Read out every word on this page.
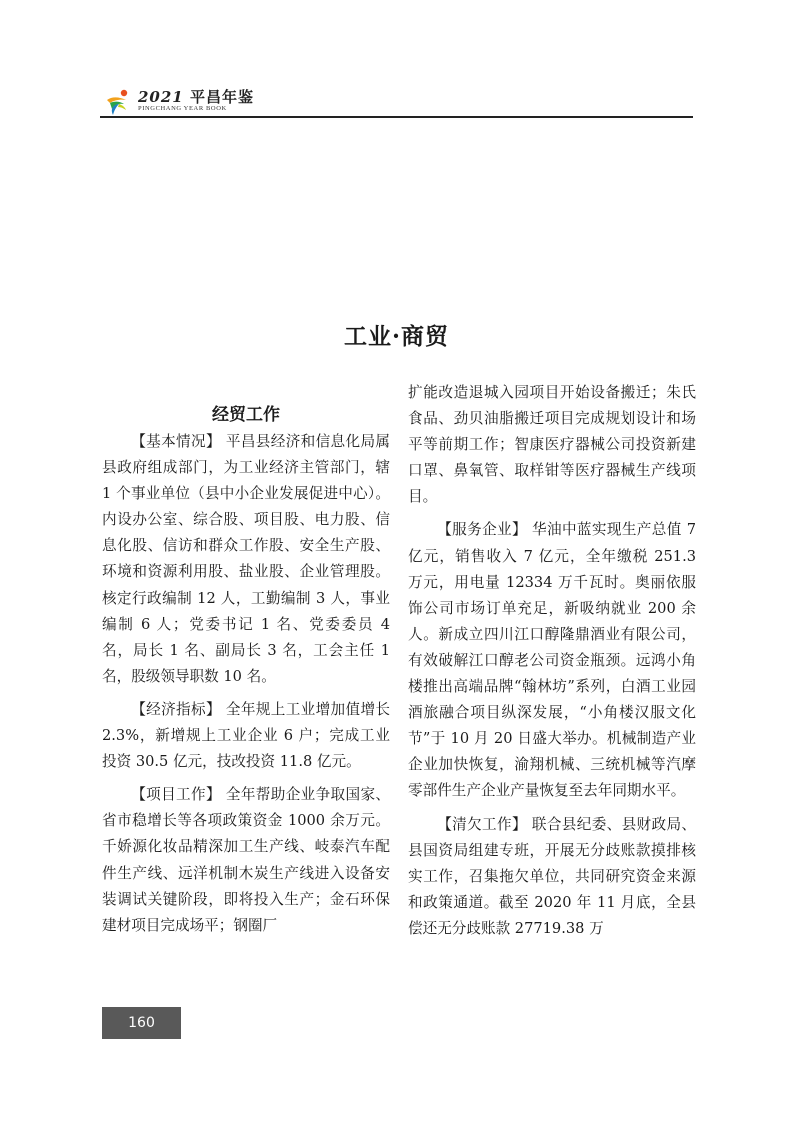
2021 平昌年鉴
PINGCHANG YEAR BOOK
工业·商贸
经贸工作

【基本情况】 平昌县经济和信息化局属县政府组成部门，为工业经济主管部门，辖 1 个事业单位（县中小企业发展促进中心）。内设办公室、综合股、项目股、电力股、信息化股、信访和群众工作股、安全生产股、环境和资源利用股、盐业股、企业管理股。核定行政编制 12 人，工勤编制 3 人，事业编制 6 人；党委书记 1 名、党委委员 4 名，局长 1 名、副局长 3 名，工会主任 1 名，股级领导职数 10 名。

【经济指标】 全年规上工业增加值增长 2.3%，新增规上工业企业 6 户；完成工业投资 30.5 亿元，技改投资 11.8 亿元。

【项目工作】 全年帮助企业争取国家、省市稳增长等各项政策资金 1000 余万元。千娇源化妆品精深加工生产线、岐泰汽车配件生产线、远洋机制木炭生产线进入设备安装调试关键阶段，即将投入生产；金石环保建材项目完成场平；钢圈厂

扩能改造退城入园项目开始设备搬迁；朱氏食品、劲贝油脂搬迁项目完成规划设计和场平等前期工作；智康医疗器械公司投资新建口罩、鼻氧管、取样钳等医疗器械生产线项目。

【服务企业】 华油中蓝实现生产总值 7 亿元，销售收入 7 亿元，全年缴税 251.3 万元，用电量 12334 万千瓦时。奥丽依服饰公司市场订单充足，新吸纳就业 200 余人。新成立四川江口醇隆鼎酒业有限公司，有效破解江口醇老公司资金瓶颈。远鸿小角楼推出高端品牌“翰林坊”系列，白酒工业园酒旅融合项目纵深发展，“小角楼汉服文化节”于 10 月 20 日盛大举办。机械制造产业企业加快恢复，渝翔机械、三统机械等汽摩零部件生产企业产量恢复至去年同期水平。

【清欠工作】 联合县纪委、县财政局、县国资局组建专班，开展无分歧账款摸排核实工作，召集拖欠单位，共同研究资金来源和政策通道。截至 2020 年 11 月底，全县偿还无分歧账款 27719.38 万

160
